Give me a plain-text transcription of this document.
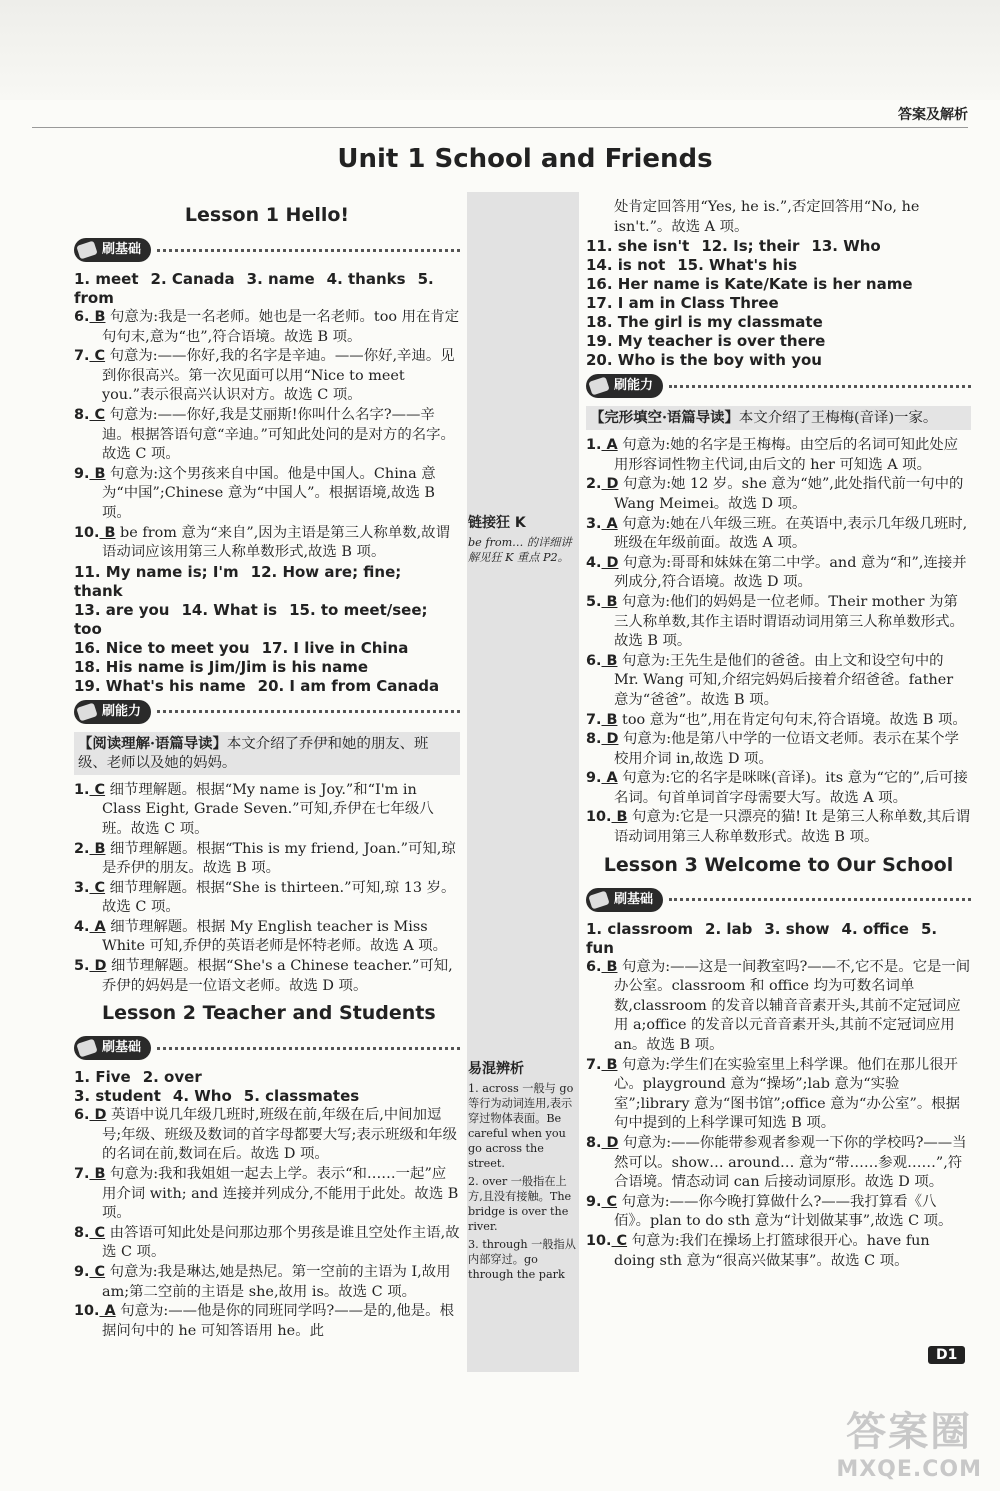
答案及解析
Unit 1 School and Friends
链接狂 K
be from… 的详细讲解见狂 K 重点 P2。
易混辨析
1. across 一般与 go 等行为动词连用,表示穿过物体表面。Be careful when you go across the street.
2. over 一般指在上方,且没有接触。The bridge is over the river.
3. through 一般指从内部穿过。go through the park
Lesson 1 Hello!
刷基础
1. meet 2. Canada 3. name 4. thanks 5. from
6. B 句意为:我是一名老师。她也是一名老师。too 用在肯定句句末,意为“也”,符合语境。故选 B 项。
7. C 句意为:——你好,我的名字是辛迪。——你好,辛迪。见到你很高兴。第一次见面可以用“Nice to meet you.”表示很高兴认识对方。故选 C 项。
8. C 句意为:——你好,我是艾丽斯!你叫什么名字?——辛迪。根据答语句意“辛迪。”可知此处问的是对方的名字。故选 C 项。
9. B 句意为:这个男孩来自中国。他是中国人。China 意为“中国”;Chinese 意为“中国人”。根据语境,故选 B 项。
10. B be from 意为“来自”,因为主语是第三人称单数,故谓语动词应该用第三人称单数形式,故选 B 项。
11. My name is; I'm 12. How are; fine; thank
13. are you 14. What is 15. to meet/see; too
16. Nice to meet you 17. I live in China
18. His name is Jim/Jim is his name
19. What's his name 20. I am from Canada
刷能力
【阅读理解·语篇导读】本文介绍了乔伊和她的朋友、班级、老师以及她的妈妈。
1. C 细节理解题。根据“My name is Joy.”和“I'm in Class Eight, Grade Seven.”可知,乔伊在七年级八班。故选 C 项。
2. B 细节理解题。根据“This is my friend, Joan.”可知,琼是乔伊的朋友。故选 B 项。
3. C 细节理解题。根据“She is thirteen.”可知,琼 13 岁。故选 C 项。
4. A 细节理解题。根据 My English teacher is Miss White 可知,乔伊的英语老师是怀特老师。故选 A 项。
5. D 细节理解题。根据“She's a Chinese teacher.”可知,乔伊的妈妈是一位语文老师。故选 D 项。
Lesson 2 Teacher and Students
刷基础
1. Five 2. over
3. student 4. Who 5. classmates
6. D 英语中说几年级几班时,班级在前,年级在后,中间加逗号;年级、班级及数词的首字母都要大写;表示班级和年级的名词在前,数词在后。故选 D 项。
7. B 句意为:我和我姐姐一起去上学。表示“和……一起”应用介词 with; and 连接并列成分,不能用于此处。故选 B 项。
8. C 由答语可知此处是问那边那个男孩是谁且空处作主语,故选 C 项。
9. C 句意为:我是琳达,她是热尼。第一空前的主语为 I,故用 am;第二空前的主语是 she,故用 is。故选 C 项。
10. A 句意为:——他是你的同班同学吗?——是的,他是。根据问句中的 he 可知答语用 he。此
处肯定回答用“Yes, he is.”,否定回答用“No, he isn't.”。故选 A 项。
11. she isn't 12. Is; their 13. Who
14. is not 15. What's his
16. Her name is Kate/Kate is her name
17. I am in Class Three
18. The girl is my classmate
19. My teacher is over there
20. Who is the boy with you
刷能力
【完形填空·语篇导读】本文介绍了王梅梅(音译)一家。
1. A 句意为:她的名字是王梅梅。由空后的名词可知此处应用形容词性物主代词,由后文的 her 可知选 A 项。
2. D 句意为:她 12 岁。she 意为“她”,此处指代前一句中的 Wang Meimei。故选 D 项。
3. A 句意为:她在八年级三班。在英语中,表示几年级几班时,班级在年级前面。故选 A 项。
4. D 句意为:哥哥和妹妹在第二中学。and 意为“和”,连接并列成分,符合语境。故选 D 项。
5. B 句意为:他们的妈妈是一位老师。Their mother 为第三人称单数,其作主语时谓语动词用第三人称单数形式。故选 B 项。
6. B 句意为:王先生是他们的爸爸。由上文和设空句中的 Mr. Wang 可知,介绍完妈妈后接着介绍爸爸。father 意为“爸爸”。故选 B 项。
7. B too 意为“也”,用在肯定句句末,符合语境。故选 B 项。
8. D 句意为:他是第八中学的一位语文老师。表示在某个学校用介词 in,故选 D 项。
9. A 句意为:它的名字是咪咪(音译)。its 意为“它的”,后可接名词。句首单词首字母需要大写。故选 A 项。
10. B 句意为:它是一只漂亮的猫! It 是第三人称单数,其后谓语动词用第三人称单数形式。故选 B 项。
Lesson 3 Welcome to Our School
刷基础
1. classroom 2. lab 3. show 4. office 5. fun
6. B 句意为:——这是一间教室吗?——不,它不是。它是一间办公室。classroom 和 office 均为可数名词单数,classroom 的发音以辅音音素开头,其前不定冠词应用 a;office 的发音以元音音素开头,其前不定冠词应用 an。故选 B 项。
7. B 句意为:学生们在实验室里上科学课。他们在那儿很开心。playground 意为“操场”;lab 意为“实验室”;library 意为“图书馆”;office 意为“办公室”。根据句中提到的上科学课可知选 B 项。
8. D 句意为:——你能带参观者参观一下你的学校吗?——当然可以。show… around… 意为“带……参观……”,符合语境。情态动词 can 后接动词原形。故选 D 项。
9. C 句意为:——你今晚打算做什么?——我打算看《八佰》。plan to do sth 意为“计划做某事”,故选 C 项。
10. C 句意为:我们在操场上打篮球很开心。have fun doing sth 意为“很高兴做某事”。故选 C 项。
D1
答案圈
MXQE.COM
